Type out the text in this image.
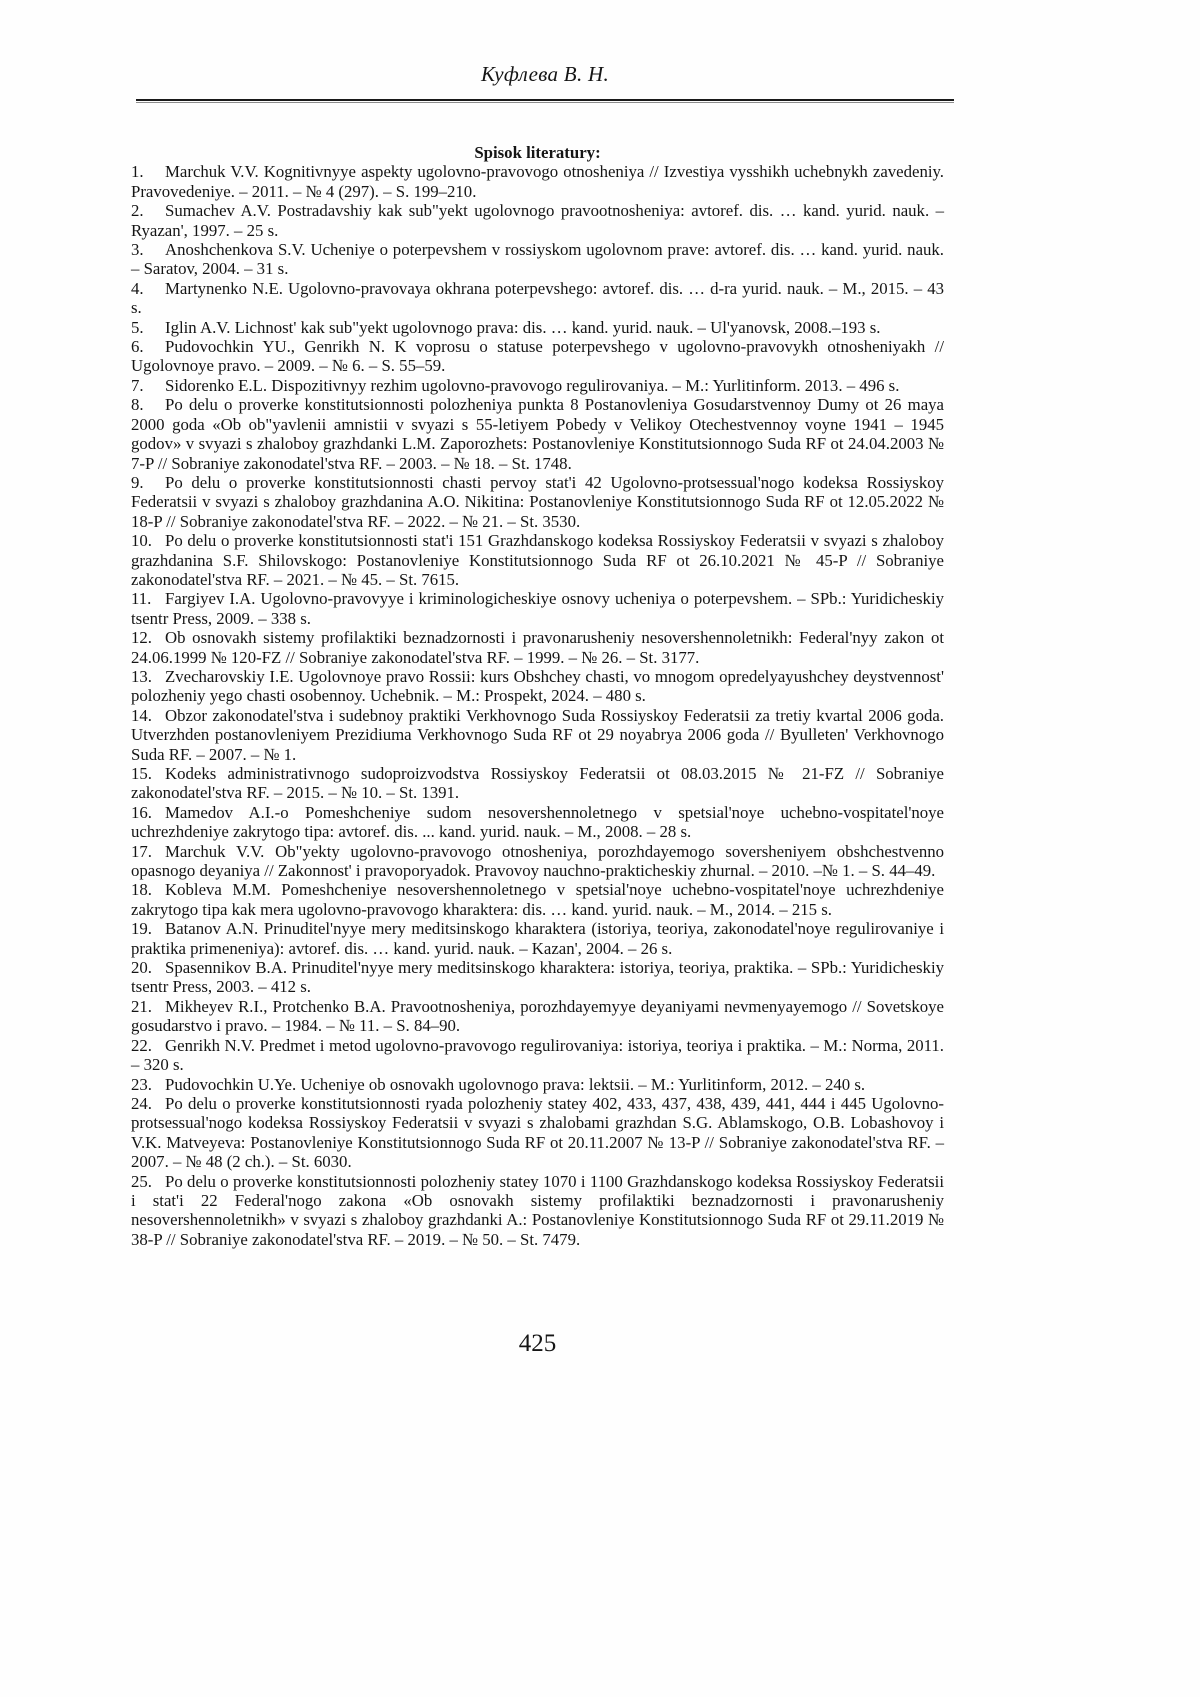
Куфлева В. Н.

Spisok literatury:

1. Marchuk V.V. Kognitivnyye aspekty ugolovno-pravovogo otnosheniya // Izvestiya vysshikh uchebnykh zavedeniy. Pravovedeniye. – 2011. – № 4 (297). – S. 199–210.

2. Sumachev A.V. Postradavshiy kak sub"yekt ugolovnogo pravootnosheniya: avtoref. dis. … kand. yurid. nauk. – Ryazan', 1997. – 25 s.

3. Anoshchenkova S.V. Ucheniye o poterpevshem v rossiyskom ugolovnom prave: avtoref. dis. … kand. yurid. nauk. – Saratov, 2004. – 31 s.

4. Martynenko N.E. Ugolovno-pravovaya okhrana poterpevshego: avtoref. dis. … d-ra yurid. nauk. – M., 2015. – 43 s.

5. Iglin A.V. Lichnost' kak sub"yekt ugolovnogo prava: dis. … kand. yurid. nauk. – Ul'yanovsk, 2008.–193 s.

6. Pudovochkin YU., Genrikh N. K voprosu o statuse poterpevshego v ugolovno-pravovykh otnosheniyakh // Ugolovnoye pravo. – 2009. – № 6. – S. 55–59.

7. Sidorenko E.L. Dispozitivnyy rezhim ugolovno-pravovogo regulirovaniya. – M.: Yurlitinform. 2013. – 496 s.

8. Po delu o proverke konstitutsionnosti polozheniya punkta 8 Postanovleniya Gosudarstvennoy Dumy ot 26 maya 2000 goda «Ob ob"yavlenii amnistii v svyazi s 55-letiyem Pobedy v Velikoy Otechestvennoy voyne 1941 – 1945 godov» v svyazi s zhaloboy grazhdanki L.M. Zaporozhets: Postanovleniye Konstitutsionnogo Suda RF ot 24.04.2003 № 7-P // Sobraniye zakonodatel'stva RF. – 2003. – № 18. – St. 1748.

9. Po delu o proverke konstitutsionnosti chasti pervoy stat'i 42 Ugolovno-protsessual'nogo kodeksa Rossiyskoy Federatsii v svyazi s zhaloboy grazhdanina A.O. Nikitina: Postanovleniye Konstitutsionnogo Suda RF ot 12.05.2022 № 18-P // Sobraniye zakonodatel'stva RF. – 2022. – № 21. – St. 3530.

10. Po delu o proverke konstitutsionnosti stat'i 151 Grazhdanskogo kodeksa Rossiyskoy Federatsii v svyazi s zhaloboy grazhdanina S.F. Shilovskogo: Postanovleniye Konstitutsionnogo Suda RF ot 26.10.2021 № 45-P // Sobraniye zakonodatel'stva RF. – 2021. – № 45. – St. 7615.

11. Fargiyev I.A. Ugolovno-pravovyye i kriminologicheskiye osnovy ucheniya o poterpevshem. – SPb.: Yuridicheskiy tsentr Press, 2009. – 338 s.

12. Ob osnovakh sistemy profilaktiki beznadzornosti i pravonarusheniy nesovershennoletnikh: Federal'nyy zakon ot 24.06.1999 № 120-FZ // Sobraniye zakonodatel'stva RF. – 1999. – № 26. – St. 3177.

13. Zvecharovskiy I.E. Ugolovnoye pravo Rossii: kurs Obshchey chasti, vo mnogom opredelyayushchey deystvennost' polozheniy yego chasti osobennoy. Uchebnik. – M.: Prospekt, 2024. – 480 s.

14. Obzor zakonodatel'stva i sudebnoy praktiki Verkhovnogo Suda Rossiyskoy Federatsii za tretiy kvartal 2006 goda. Utverzhden postanovleniyem Prezidiuma Verkhovnogo Suda RF ot 29 noyabrya 2006 goda // Byulleten' Verkhovnogo Suda RF. – 2007. – № 1.

15. Kodeks administrativnogo sudoproizvodstva Rossiyskoy Federatsii ot 08.03.2015 № 21-FZ // Sobraniye zakonodatel'stva RF. – 2015. – № 10. – St. 1391.

16. Mamedov A.I.-o Pomeshcheniye sudom nesovershennoletnego v spetsial'noye uchebno-vospitatel'noye uchrezhdeniye zakrytogo tipa: avtoref. dis. ... kand. yurid. nauk. – M., 2008. – 28 s.

17. Marchuk V.V. Ob"yekty ugolovno-pravovogo otnosheniya, porozhdayemogo soversheniyem obshchestvenno opasnogo deyaniya // Zakonnost' i pravoporyadok. Pravovoy nauchno-prakticheskiy zhurnal. – 2010. –№ 1. – S. 44–49.

18. Kobleva M.M. Pomeshcheniye nesovershennoletnego v spetsial'noye uchebno-vospitatel'noye uchrezhdeniye zakrytogo tipa kak mera ugolovno-pravovogo kharaktera: dis. … kand. yurid. nauk. – M., 2014. – 215 s.

19. Batanov A.N. Prinuditel'nyye mery meditsinskogo kharaktera (istoriya, teoriya, zakonodatel'noye regulirovaniye i praktika primeneniya): avtoref. dis. … kand. yurid. nauk. – Kazan', 2004. – 26 s.

20. Spasennikov B.A. Prinuditel'nyye mery meditsinskogo kharaktera: istoriya, teoriya, praktika. – SPb.: Yuridicheskiy tsentr Press, 2003. – 412 s.

21. Mikheyev R.I., Protchenko B.A. Pravootnosheniya, porozhdayemyye deyaniyami nevmenyayemogo // Sovetskoye gosudarstvo i pravo. – 1984. – № 11. – S. 84–90.

22. Genrikh N.V. Predmet i metod ugolovno-pravovogo regulirovaniya: istoriya, teoriya i praktika. – M.: Norma, 2011. – 320 s.

23. Pudovochkin U.Ye. Ucheniye ob osnovakh ugolovnogo prava: lektsii. – M.: Yurlitinform, 2012. – 240 s.

24. Po delu o proverke konstitutsionnosti ryada polozheniy statey 402, 433, 437, 438, 439, 441, 444 i 445 Ugolovno-protsessual'nogo kodeksa Rossiyskoy Federatsii v svyazi s zhalobami grazhdan S.G. Ablamskogo, O.B. Lobashovoy i V.K. Matveyeva: Postanovleniye Konstitutsionnogo Suda RF ot 20.11.2007 № 13-P // Sobraniye zakonodatel'stva RF. – 2007. – № 48 (2 ch.). – St. 6030.

25. Po delu o proverke konstitutsionnosti polozheniy statey 1070 i 1100 Grazhdanskogo kodeksa Rossiyskoy Federatsii i stat'i 22 Federal'nogo zakona «Ob osnovakh sistemy profilaktiki beznadzornosti i pravonarusheniy nesovershennoletnikh» v svyazi s zhaloboy grazhdanki A.: Postanovleniye Konstitutsionnogo Suda RF ot 29.11.2019 № 38-P // Sobraniye zakonodatel'stva RF. – 2019. – № 50. – St. 7479.

425
